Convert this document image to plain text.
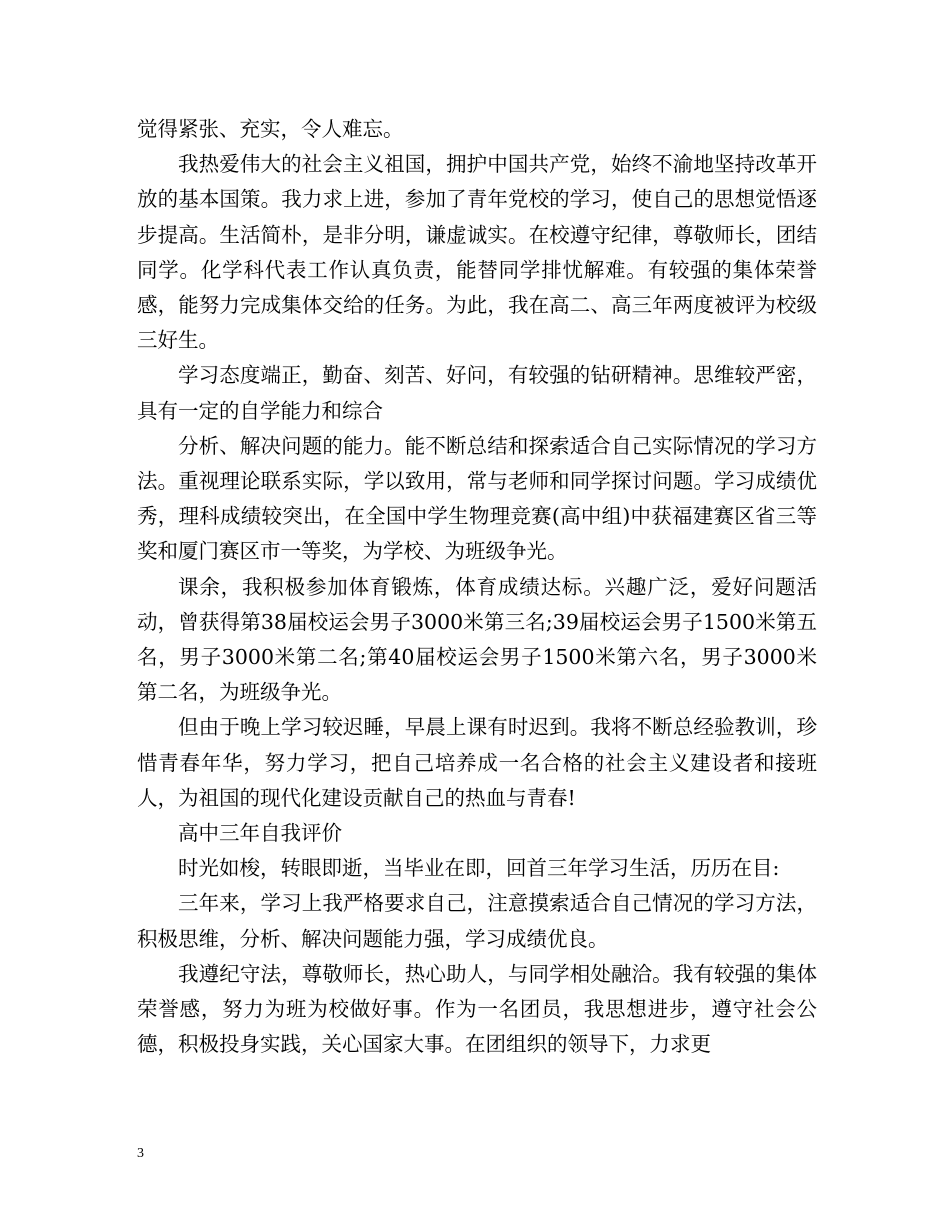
觉得紧张、充实，令人难忘。

我热爱伟大的社会主义祖国，拥护中国共产党，始终不渝地坚持改革开放的基本国策。我力求上进，参加了青年党校的学习，使自己的思想觉悟逐步提高。生活简朴，是非分明，谦虚诚实。在校遵守纪律，尊敬师长，团结同学。化学科代表工作认真负责，能替同学排忧解难。有较强的集体荣誉感，能努力完成集体交给的任务。为此，我在高二、高三年两度被评为校级三好生。

学习态度端正，勤奋、刻苦、好问，有较强的钻研精神。思维较严密，具有一定的自学能力和综合

分析、解决问题的能力。能不断总结和探索适合自己实际情况的学习方法。重视理论联系实际，学以致用，常与老师和同学探讨问题。学习成绩优秀，理科成绩较突出，在全国中学生物理竞赛(高中组)中获福建赛区省三等奖和厦门赛区市一等奖，为学校、为班级争光。

课余，我积极参加体育锻炼，体育成绩达标。兴趣广泛，爱好问题活动，曾获得第38届校运会男子3000米第三名;39届校运会男子1500米第五名，男子3000米第二名;第40届校运会男子1500米第六名，男子3000米第二名，为班级争光。

但由于晚上学习较迟睡，早晨上课有时迟到。我将不断总经验教训，珍惜青春年华，努力学习，把自己培养成一名合格的社会主义建设者和接班人，为祖国的现代化建设贡献自己的热血与青春!

高中三年自我评价

时光如梭，转眼即逝，当毕业在即，回首三年学习生活，历历在目:

三年来，学习上我严格要求自己，注意摸索适合自己情况的学习方法，积极思维，分析、解决问题能力强，学习成绩优良。

我遵纪守法，尊敬师长，热心助人，与同学相处融洽。我有较强的集体荣誉感，努力为班为校做好事。作为一名团员，我思想进步，遵守社会公德，积极投身实践，关心国家大事。在团组织的领导下，力求更

3
